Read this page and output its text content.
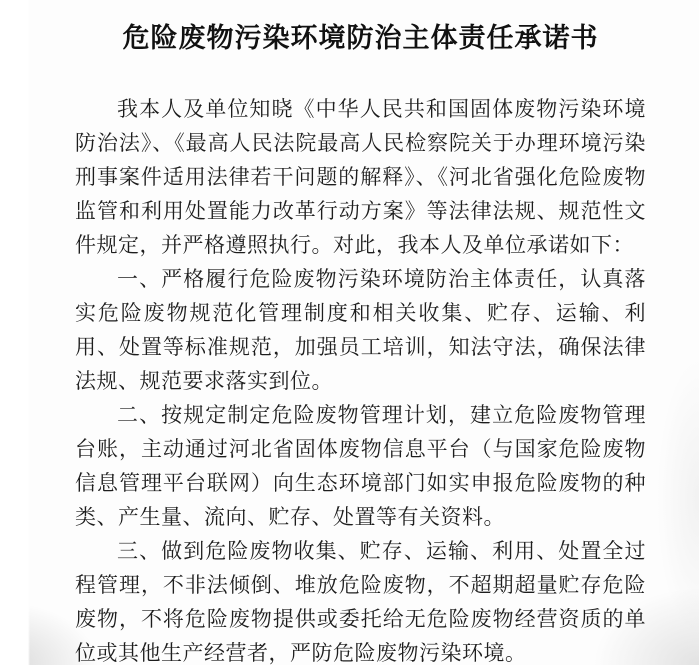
危险废物污染环境防治主体责任承诺书

我本人及单位知晓《中华人民共和国固体废物污染环境防治法》、《最高人民法院最高人民检察院关于办理环境污染刑事案件适用法律若干问题的解释》、《河北省强化危险废物监管和利用处置能力改革行动方案》等法律法规、规范性文件规定，并严格遵照执行。对此，我本人及单位承诺如下：

一、严格履行危险废物污染环境防治主体责任，认真落实危险废物规范化管理制度和相关收集、贮存、运输、利用、处置等标准规范，加强员工培训，知法守法，确保法律法规、规范要求落实到位。

二、按规定制定危险废物管理计划，建立危险废物管理台账，主动通过河北省固体废物信息平台（与国家危险废物信息管理平台联网）向生态环境部门如实申报危险废物的种类、产生量、流向、贮存、处置等有关资料。

三、做到危险废物收集、贮存、运输、利用、处置全过程管理，不非法倾倒、堆放危险废物，不超期超量贮存危险废物，不将危险废物提供或委托给无危险废物经营资质的单位或其他生产经营者，严防危险废物污染环境。
